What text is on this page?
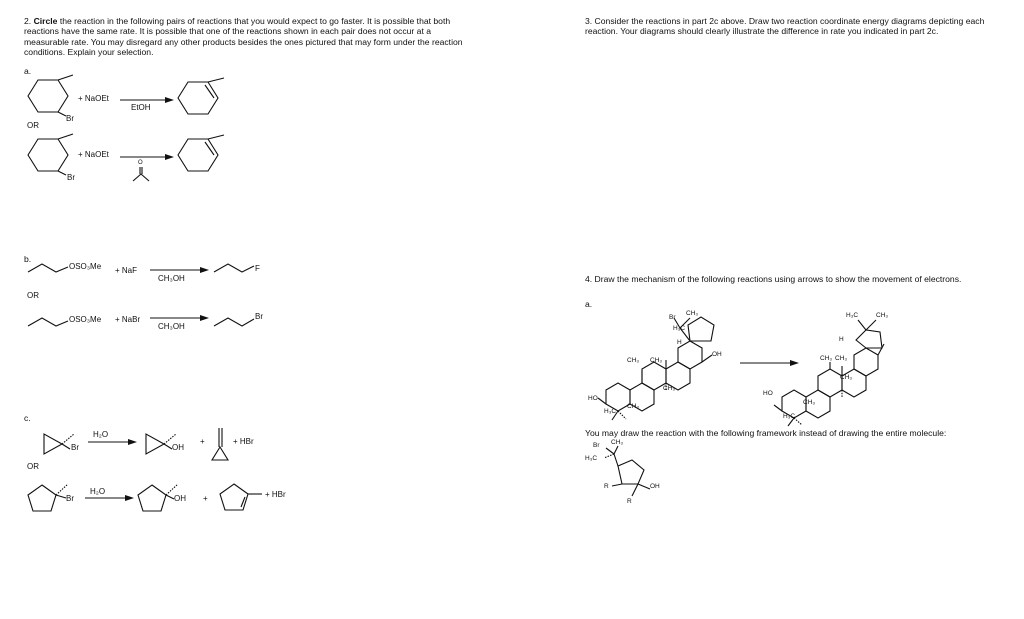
2. Circle the reaction in the following pairs of reactions that you would expect to go faster. It is possible that both reactions have the same rate. It is possible that one of the reactions shown in each pair does not occur at a measurable rate. You may disregard any other products besides the ones pictured that may form under the reaction conditions. Explain your selection.
a.
3. Consider the reactions in part 2c above. Draw two reaction coordinate energy diagrams depicting each reaction. Your diagrams should clearly illustrate the difference in rate you indicated in part 2c.
4. Draw the mechanism of the following reactions using arrows to show the movement of electrons.
a.
You may draw the reaction with the following framework instead of drawing the entire molecule:
+ NaOEt
EtOH
Br
OR
+ NaOEt
Br
O
b.
OSO₃Me + NaF
CH₃OH
F
OR
OSO₃Me + NaBr
CH₃OH
Br
c.
H₂O
Br	OH
+	+ HBr
OR
H₂O
Br	OH +	+ HBr
Br
CH₃
H₃C
H
OH
CH₃ CH₃
CH₃
HO
H₃C
CH₃
H₃C	CH₃
H
CH₃ CH₃
CH₃
HO
H₃C
CH₃
Br CH₃
H₃C
R	OH
R
